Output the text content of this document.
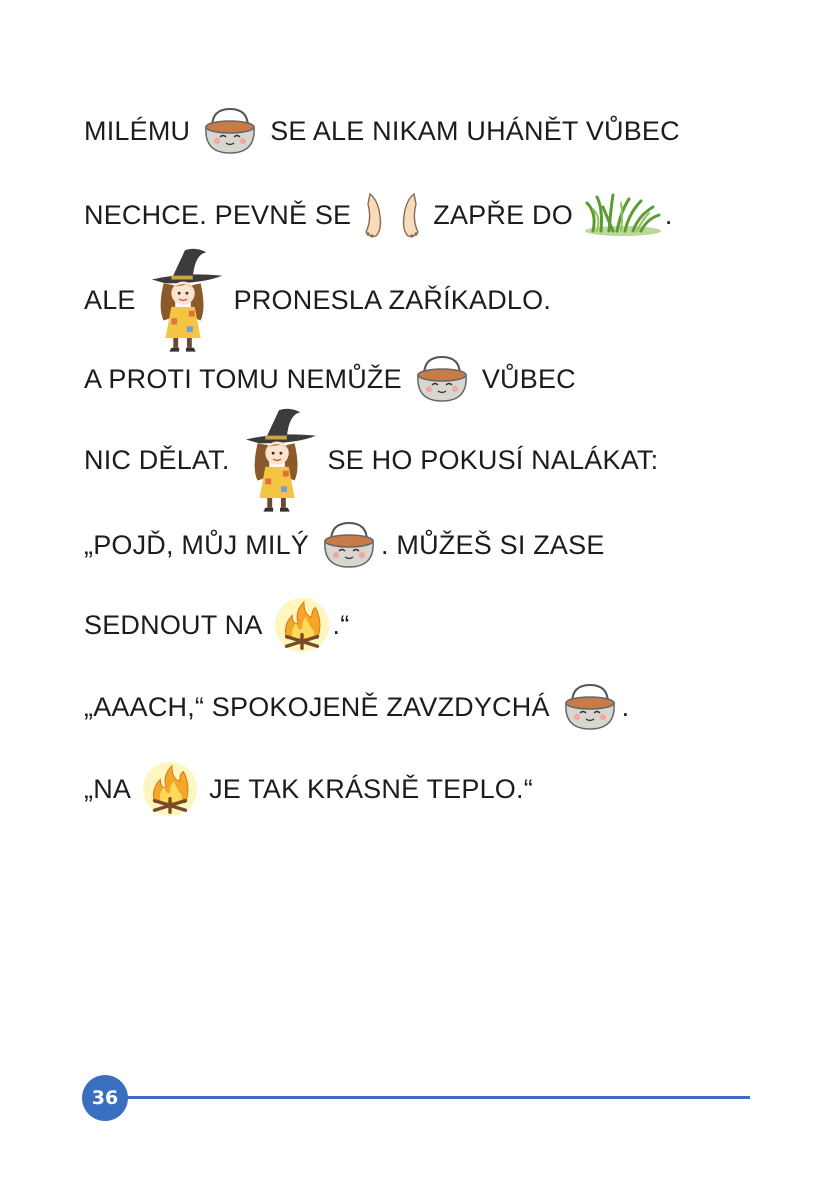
MILÉMU	SE ALE NIKAM UHÁNĚT VŮBEC
NECHCE. PEVNĚ SE	ZAPŘE DO	.
ALE	PRONESLA ZAŘÍKADLO.
A PROTI TOMU NEMŮŽE	VŮBEC
NIC DĚLAT.	SE HO POKUSÍ NALÁKAT:
„POJĎ, MŮJ MILÝ	. MŮŽEŠ SI ZASE
SEDNOUT NA	.“
„AAACH,“ SPOKOJENĚ ZAVZDYCHÁ	.
„NA	JE TAK KRÁSNĚ TEPLO.“
36
